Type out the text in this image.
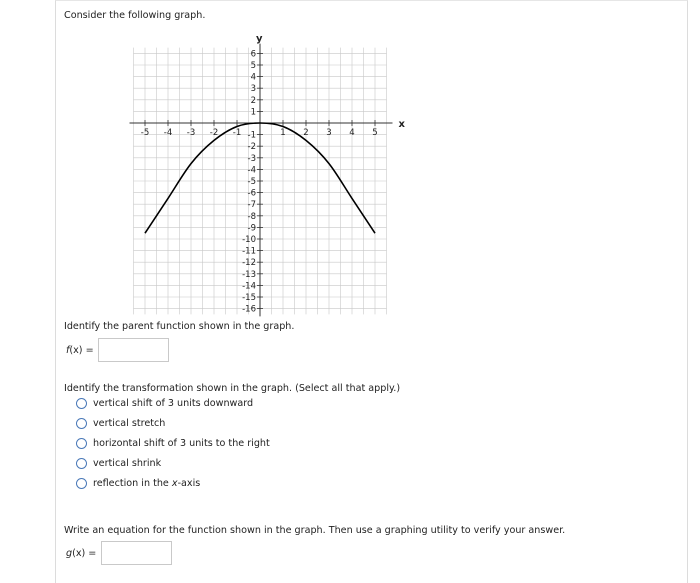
Consider the following graph.
x
y
-5 -4 -3 -2 -1	1 2 3 4 5
6
5
4
3
2
1
-1
-2
-3
-4
-5
-6
-7
-8
-9
-10
-11
-12
-13
-14
-15
-16
Identify the parent function shown in the graph.
f(x) =
Identify the transformation shown in the graph. (Select all that apply.)
vertical shift of 3 units downward
vertical stretch
horizontal shift of 3 units to the right
vertical shrink
reflection in the x-axis
Write an equation for the function shown in the graph. Then use a graphing utility to verify your answer.
g(x) =
